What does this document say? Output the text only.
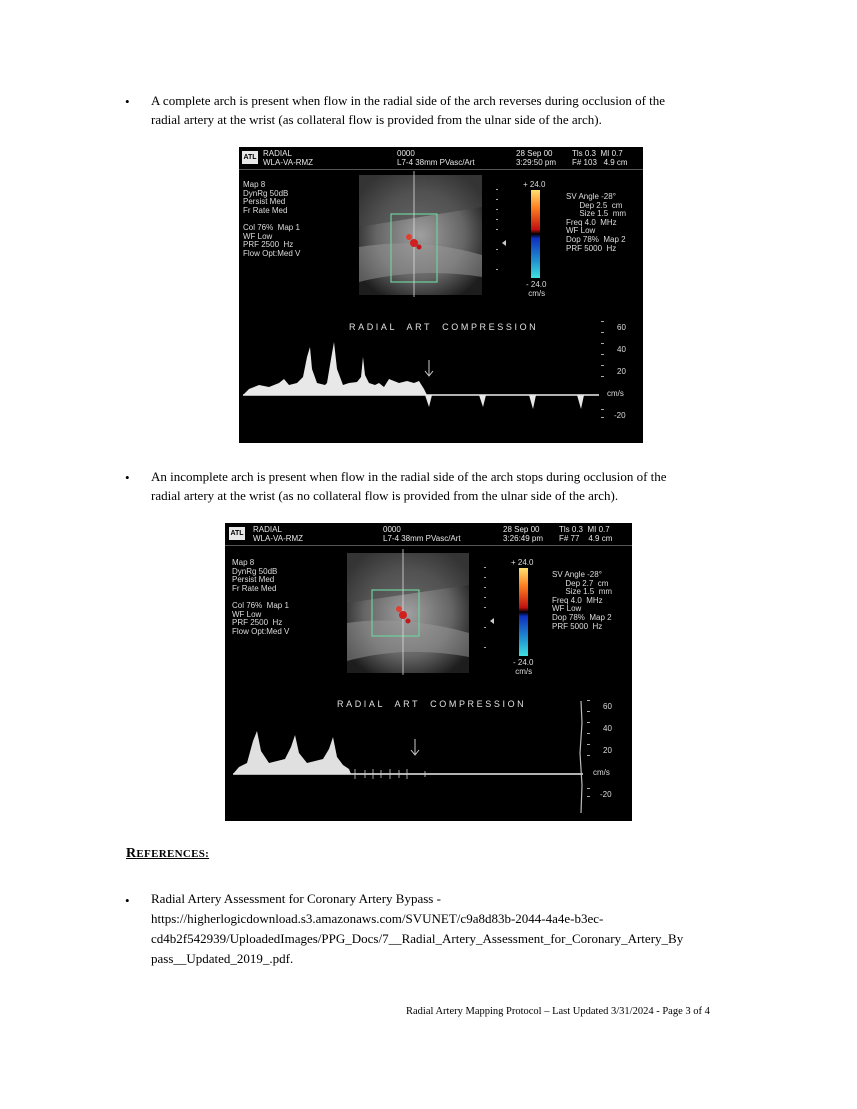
• A complete arch is present when flow in the radial side of the arch reverses during occlusion of the
radial artery at the wrist (as collateral flow is provided from the ulnar side of the arch).
ATL RADIAL
WLA-VA-RMZ
0000
L7-4 38mm PVasc/Art
28 Sep 00
3:29:50 pm
Tls 0.3  MI 0.7
F# 103   4.9 cm
Map 8
DynRg 50dB
Persist Med
Fr Rate Med

Col 76%  Map 1
WF Low
PRF 2500  Hz
Flow Opt:Med V
SV Angle -28°
Dep 2.5  cm
Size 1.5  mm
Freq 4.0  MHz
WF Low
Dop 78%  Map 2
PRF 5000  Hz
+ 24.0
- 24.0
cm/s
RADIAL  ART  COMPRESSION	60
40
20
cm/s
-20
• An incomplete arch is present when flow in the radial side of the arch stops during occlusion of the
radial artery at the wrist (as no collateral flow is provided from the ulnar side of the arch).
ATL RADIAL
WLA-VA-RMZ
0000
L7-4 38mm PVasc/Art
28 Sep 00
3:26:49 pm
Tls 0.3  MI 0.7
F# 77    4.9 cm
Map 8
DynRg 50dB
Persist Med
Fr Rate Med

Col 76%  Map 1
WF Low
PRF 2500  Hz
Flow Opt:Med V
SV Angle -28°
Dep 2.7  cm
Size 1.5  mm
Freq 4.0  MHz
WF Low
Dop 78%  Map 2
PRF 5000  Hz
+ 24.0
- 24.0
cm/s
RADIAL  ART  COMPRESSION	60
40
20
cm/s
-20
REFERENCES:
• Radial Artery Assessment for Coronary Artery Bypass -
https://higherlogicdownload.s3.amazonaws.com/SVUNET/c9a8d83b-2044-4a4e-b3ec-
cd4b2f542939/UploadedImages/PPG_Docs/7__Radial_Artery_Assessment_for_Coronary_Artery_By
pass__Updated_2019_.pdf.
Radial Artery Mapping Protocol – Last Updated 3/31/2024 - Page 3 of 4
